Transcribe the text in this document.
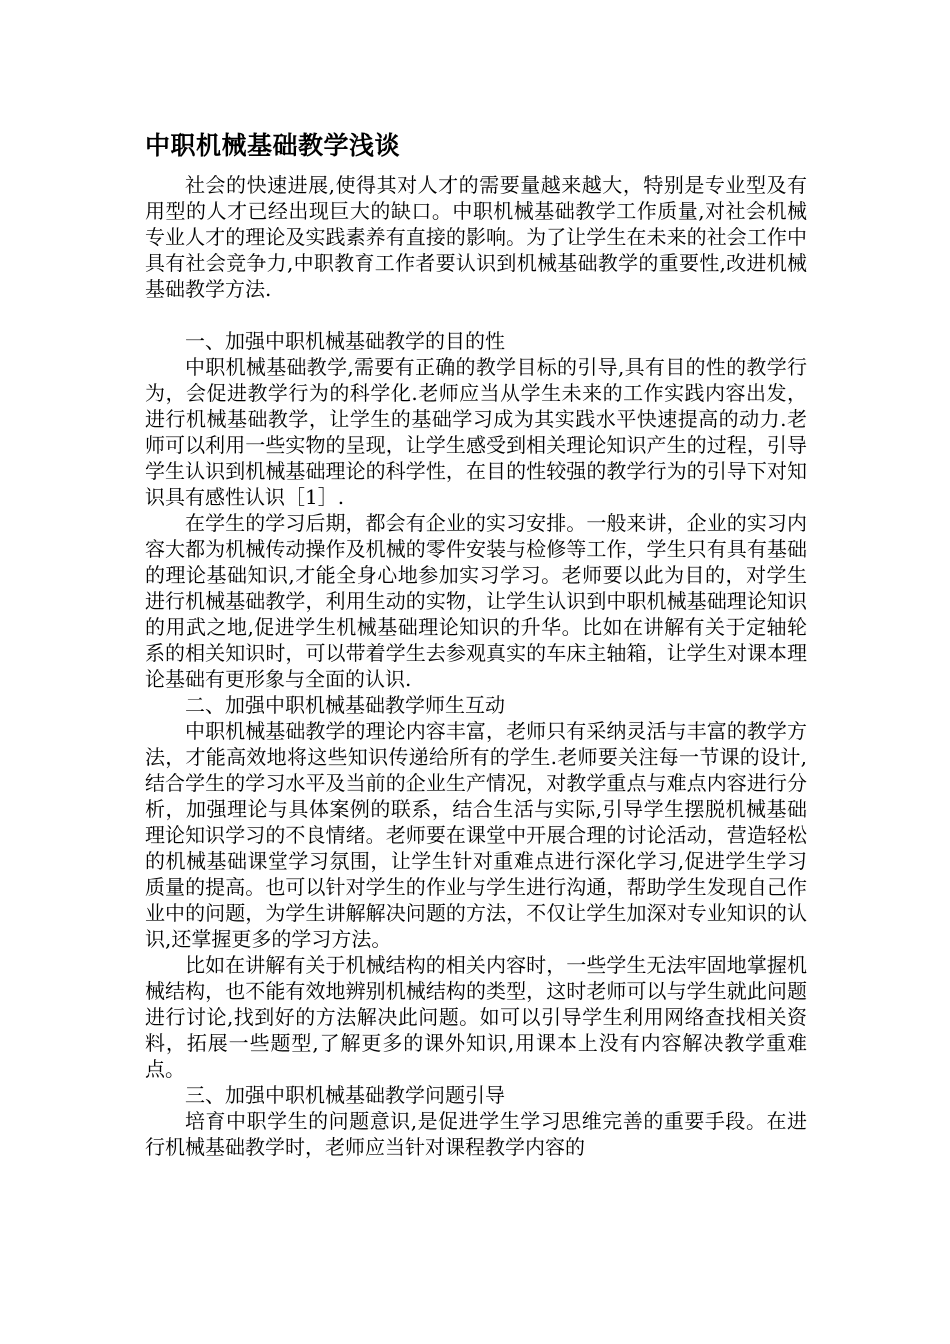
中职机械基础教学浅谈

社会的快速进展,使得其对人才的需要量越来越大，特别是专业型及有用型的人才已经出现巨大的缺口。中职机械基础教学工作质量,对社会机械专业人才的理论及实践素养有直接的影响。为了让学生在未来的社会工作中具有社会竞争力,中职教育工作者要认识到机械基础教学的重要性,改进机械基础教学方法.

一、加强中职机械基础教学的目的性

中职机械基础教学,需要有正确的教学目标的引导,具有目的性的教学行为，会促进教学行为的科学化.老师应当从学生未来的工作实践内容出发，进行机械基础教学，让学生的基础学习成为其实践水平快速提高的动力.老师可以利用一些实物的呈现，让学生感受到相关理论知识产生的过程，引导学生认识到机械基础理论的科学性，在目的性较强的教学行为的引导下对知识具有感性认识［1］.

在学生的学习后期，都会有企业的实习安排。一般来讲，企业的实习内容大都为机械传动操作及机械的零件安装与检修等工作，学生只有具有基础的理论基础知识,才能全身心地参加实习学习。老师要以此为目的，对学生进行机械基础教学，利用生动的实物，让学生认识到中职机械基础理论知识的用武之地,促进学生机械基础理论知识的升华。比如在讲解有关于定轴轮系的相关知识时，可以带着学生去参观真实的车床主轴箱，让学生对课本理论基础有更形象与全面的认识.

二、加强中职机械基础教学师生互动

中职机械基础教学的理论内容丰富，老师只有采纳灵活与丰富的教学方法，才能高效地将这些知识传递给所有的学生.老师要关注每一节课的设计,结合学生的学习水平及当前的企业生产情况，对教学重点与难点内容进行分析，加强理论与具体案例的联系，结合生活与实际,引导学生摆脱机械基础理论知识学习的不良情绪。老师要在课堂中开展合理的讨论活动，营造轻松的机械基础课堂学习氛围，让学生针对重难点进行深化学习,促进学生学习质量的提高。也可以针对学生的作业与学生进行沟通，帮助学生发现自己作业中的问题，为学生讲解解决问题的方法，不仅让学生加深对专业知识的认识,还掌握更多的学习方法。

比如在讲解有关于机械结构的相关内容时，一些学生无法牢固地掌握机械结构，也不能有效地辨别机械结构的类型，这时老师可以与学生就此问题进行讨论,找到好的方法解决此问题。如可以引导学生利用网络查找相关资料，拓展一些题型,了解更多的课外知识,用课本上没有内容解决教学重难点。

三、加强中职机械基础教学问题引导

培育中职学生的问题意识,是促进学生学习思维完善的重要手段。在进行机械基础教学时，老师应当针对课程教学内容的
